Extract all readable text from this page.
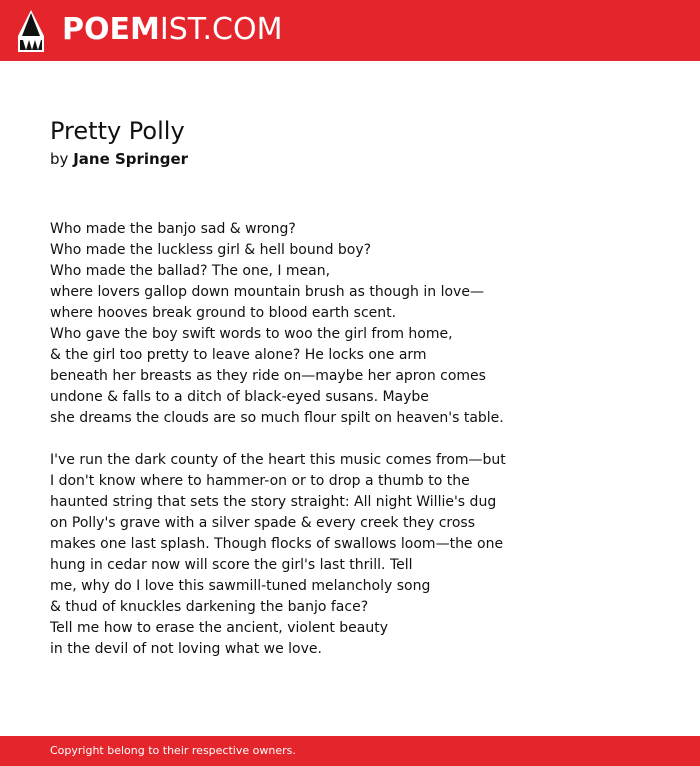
POEMIST.COM
Pretty Polly
by Jane Springer
Who made the banjo sad & wrong?
Who made the luckless girl & hell bound boy?
Who made the ballad? The one, I mean,
where lovers gallop down mountain brush as though in love—
where hooves break ground to blood earth scent.
Who gave the boy swift words to woo the girl from home,
& the girl too pretty to leave alone? He locks one arm
beneath her breasts as they ride on—maybe her apron comes
undone & falls to a ditch of black-eyed susans. Maybe
she dreams the clouds are so much flour spilt on heaven's table.
I've run the dark county of the heart this music comes from—but
I don't know where to hammer-on or to drop a thumb to the
haunted string that sets the story straight: All night Willie's dug
on Polly's grave with a silver spade & every creek they cross
makes one last splash. Though flocks of swallows loom—the one
hung in cedar now will score the girl's last thrill. Tell
me, why do I love this sawmill-tuned melancholy song
& thud of knuckles darkening the banjo face?
Tell me how to erase the ancient, violent beauty
in the devil of not loving what we love.
Copyright belong to their respective owners.
